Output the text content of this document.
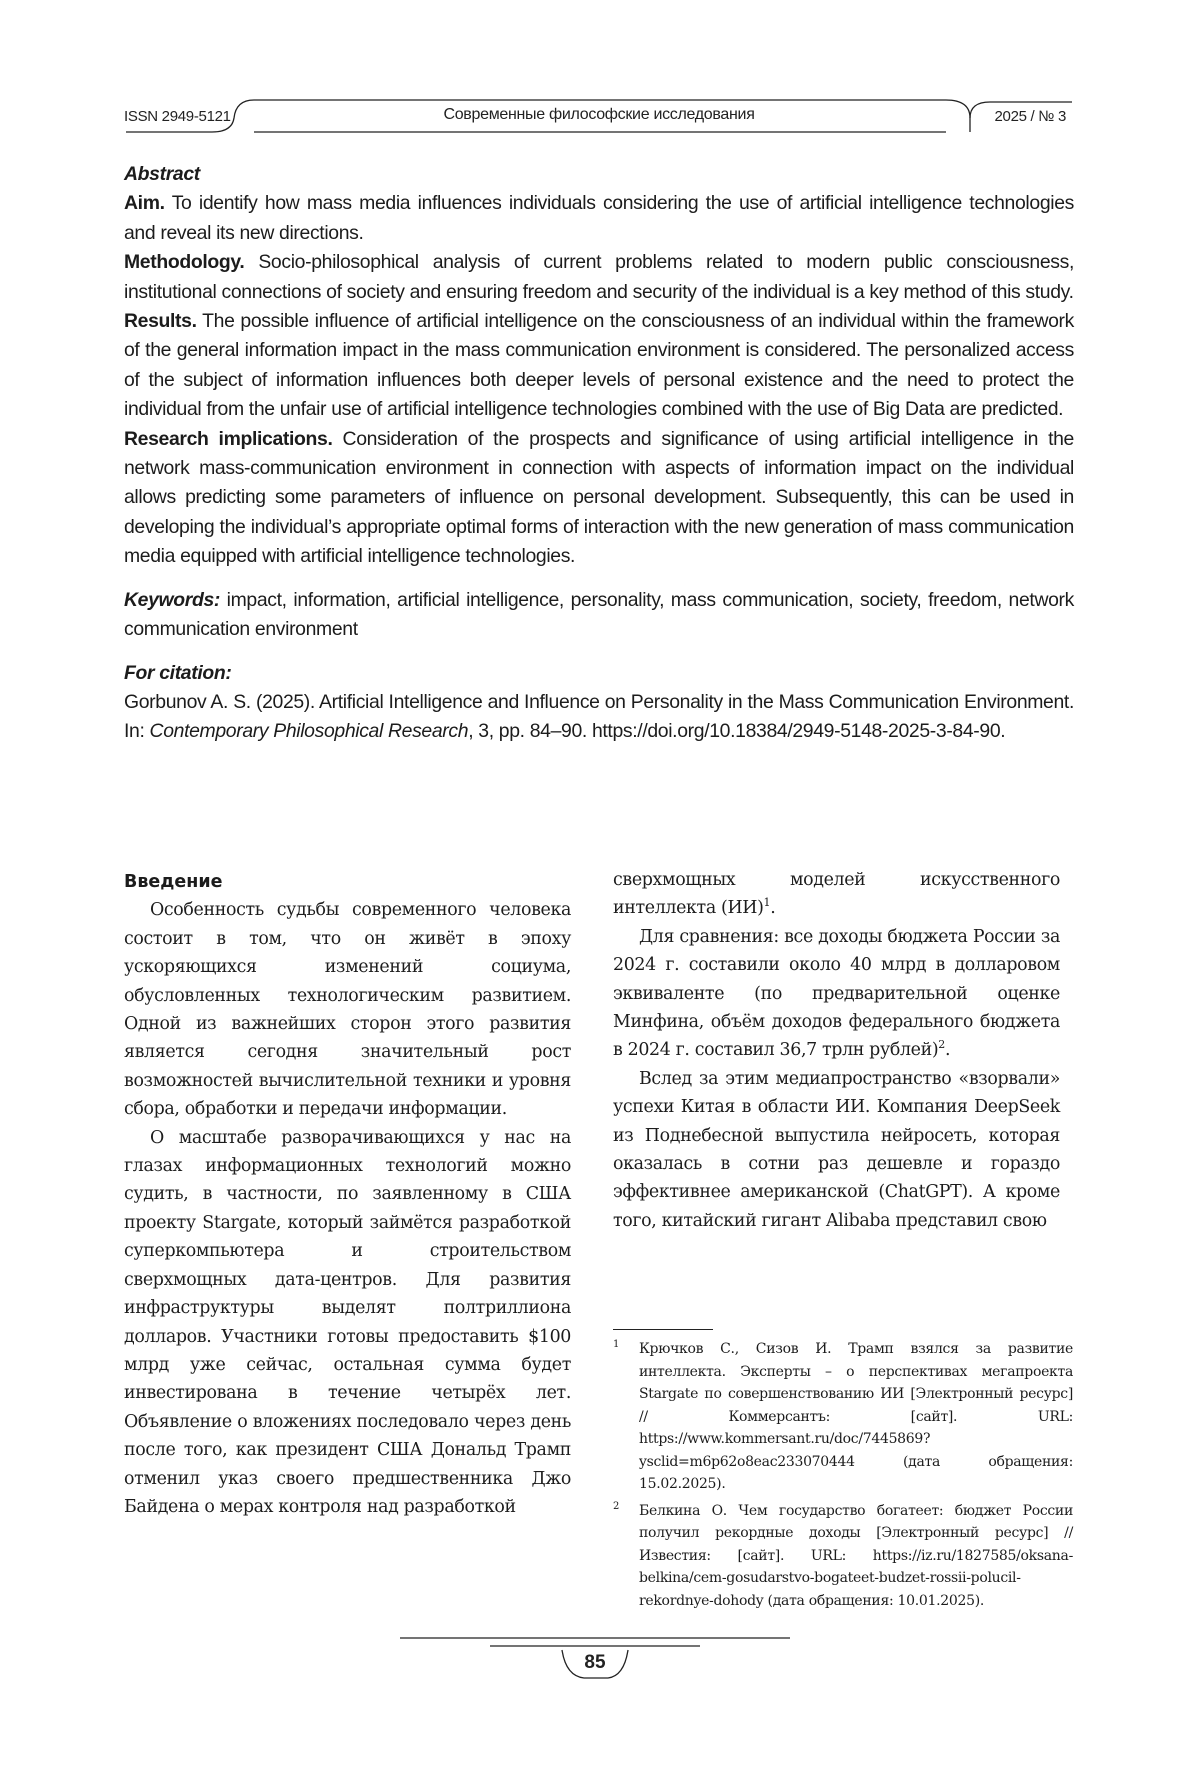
ISSN 2949-5121	Современные философские исследования	2025 / № 3

Abstract

Aim. To identify how mass media influences individuals considering the use of artificial intelligence technologies and reveal its new directions.

Methodology. Socio-philosophical analysis of current problems related to modern public consciousness, institutional connections of society and ensuring freedom and security of the individual is a key method of this study.

Results. The possible influence of artificial intelligence on the consciousness of an individual within the framework of the general information impact in the mass communication environment is considered. The personalized access of the subject of information influences both deeper levels of personal existence and the need to protect the individual from the unfair use of artificial intelligence technologies combined with the use of Big Data are predicted.

Research implications. Consideration of the prospects and significance of using artificial intelligence in the network mass-communication environment in connection with aspects of information impact on the individual allows predicting some parameters of influence on personal development. Subsequently, this can be used in developing the individual’s appropriate optimal forms of interaction with the new generation of mass communication media equipped with artificial intelligence technologies.

Keywords: impact, information, artificial intelligence, personality, mass communication, society, freedom, network communication environment

For citation:

Gorbunov A. S. (2025). Artificial Intelligence and Influence on Personality in the Mass Communication Environment. In: Contemporary Philosophical Research, 3, pp. 84–90. https://doi.org/10.18384/2949-5148-2025-3-84-90.

Введение

Особенность судьбы современного человека состоит в том, что он живёт в эпоху ускоряющихся изменений социума, обусловленных технологическим развитием. Одной из важнейших сторон этого развития является сегодня значительный рост возможностей вычислительной техники и уровня сбора, обработки и передачи информации.

О масштабе разворачивающихся у нас на глазах информационных технологий можно судить, в частности, по заявленному в США проекту Stargate, который займётся разработкой суперкомпьютера и строительством сверхмощных дата-центров. Для развития инфраструктуры выделят полтриллиона долларов. Участники готовы предоставить $100 млрд уже сейчас, остальная сумма будет инвестирована в течение четырёх лет. Объявление о вложениях последовало через день после того, как президент США Дональд Трамп отменил указ своего предшественника Джо Байдена о мерах контроля над разработкой

сверхмощных моделей искусственного интеллекта (ИИ)$^1$.

Для сравнения: все доходы бюджета России за 2024 г. составили около 40 млрд в долларовом эквиваленте (по предварительной оценке Минфина, объём доходов федерального бюджета в 2024 г. составил 36,7 трлн рублей)$^2$.

Вслед за этим медиапространство «взорвали» успехи Китая в области ИИ. Компания DeepSeek из Поднебесной выпустила нейросеть, которая оказалась в сотни раз дешевле и гораздо эффективнее американской (ChatGPT). А кроме того, китайский гигант Alibaba представил свою

1 Крючков С., Сизов И. Трамп взялся за развитие интеллекта. Эксперты – о перспективах мегапроекта Stargate по совершенствованию ИИ [Электронный ресурс] // Коммерсантъ: [сайт]. URL: https://www.kommersant.ru/doc/7445869?ysclid=m6p62o8eac233070444 (дата обращения: 15.02.2025).
2 Белкина О. Чем государство богатеет: бюджет России получил рекордные доходы [Электронный ресурс] // Известия: [сайт]. URL: https://iz.ru/1827585/oksana-belkina/cem-gosudarstvo-bogateet-budzet-rossii-polucil-rekordnye-dohody (дата обращения: 10.01.2025).
85
